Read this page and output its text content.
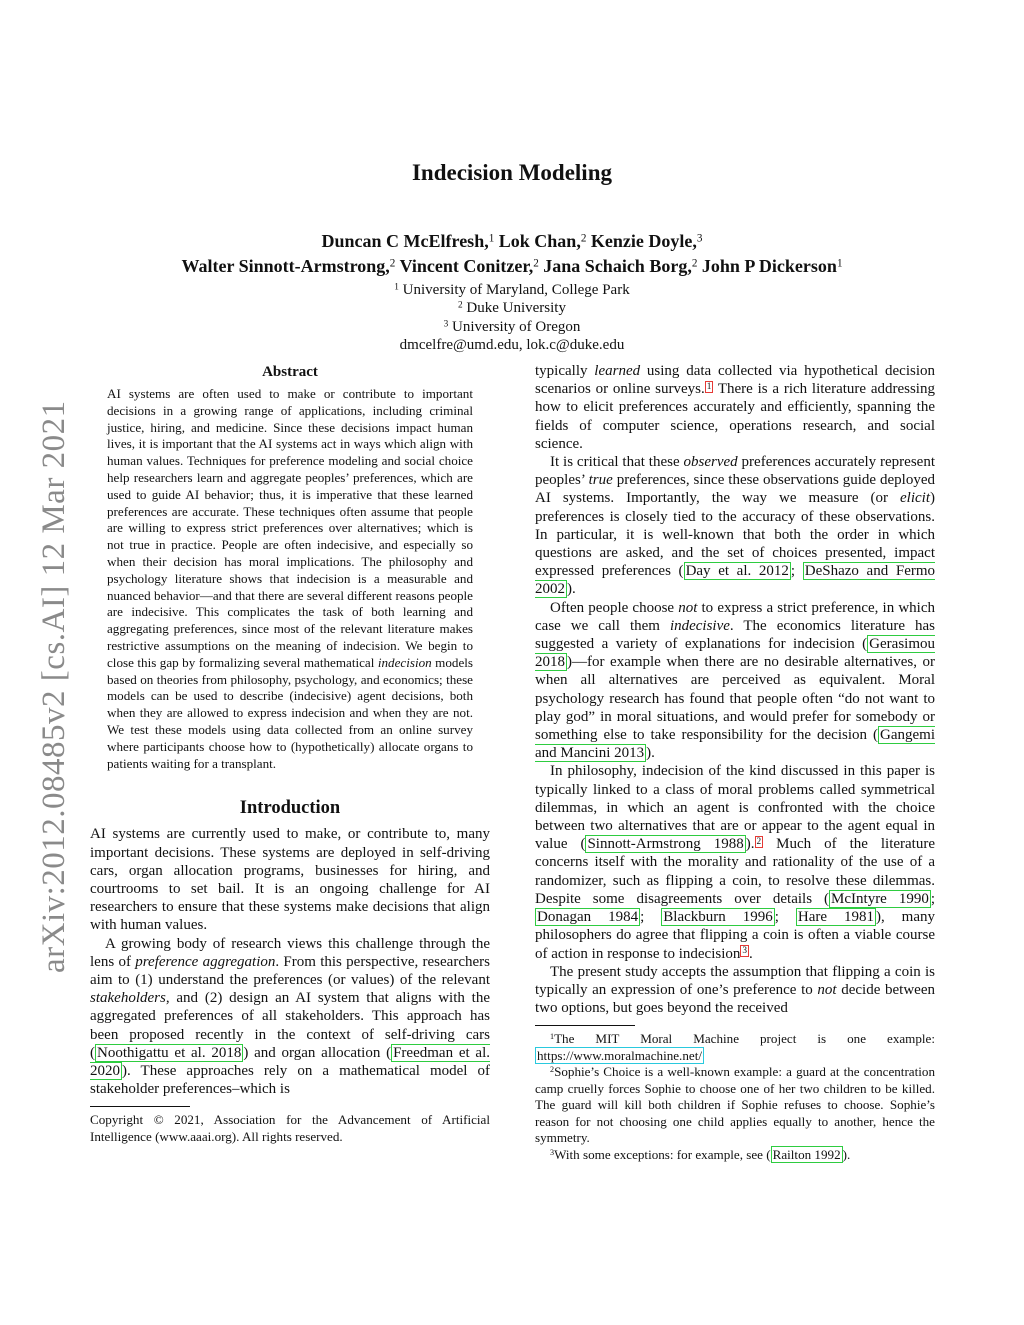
arXiv:2012.08485v2 [cs.AI] 12 Mar 2021
Indecision Modeling
Duncan C McElfresh,$^1$ Lok Chan,$^2$ Kenzie Doyle,$^3$
Walter Sinnott-Armstrong,$^2$ Vincent Conitzer,$^2$ Jana Schaich Borg,$^2$ John P Dickerson$^1$
$^1$ University of Maryland, College Park
$^2$ Duke University
$^3$ University of Oregon
dmcelfre@umd.edu, lok.c@duke.edu
Abstract

AI systems are often used to make or contribute to important decisions in a growing range of applications, including criminal justice, hiring, and medicine. Since these decisions impact human lives, it is important that the AI systems act in ways which align with human values. Techniques for preference modeling and social choice help researchers learn and aggregate peoples’ preferences, which are used to guide AI behavior; thus, it is imperative that these learned preferences are accurate. These techniques often assume that people are willing to express strict preferences over alternatives; which is not true in practice. People are often indecisive, and especially so when their decision has moral implications. The philosophy and psychology literature shows that indecision is a measurable and nuanced behavior—and that there are several different reasons people are indecisive. This complicates the task of both learning and aggregating preferences, since most of the relevant literature makes restrictive assumptions on the meaning of indecision. We begin to close this gap by formalizing several mathematical indecision models based on theories from philosophy, psychology, and economics; these models can be used to describe (indecisive) agent decisions, both when they are allowed to express indecision and when they are not. We test these models using data collected from an online survey where participants choose how to (hypothetically) allocate organs to patients waiting for a transplant.

Introduction

AI systems are currently used to make, or contribute to, many important decisions. These systems are deployed in self-driving cars, organ allocation programs, businesses for hiring, and courtrooms to set bail. It is an ongoing challenge for AI researchers to ensure that these systems make decisions that align with human values.

A growing body of research views this challenge through the lens of preference aggregation. From this perspective, researchers aim to (1) understand the preferences (or values) of the relevant stakeholders, and (2) design an AI system that aligns with the aggregated preferences of all stakeholders. This approach has been proposed recently in the context of self-driving cars ( Noothigattu et al. 2018 ) and organ allocation ( Freedman et al. 2020 ). These approaches rely on a mathematical model of stakeholder preferences–which is

Copyright © 2021, Association for the Advancement of Artificial Intelligence (www.aaai.org). All rights reserved.

typically learned using data collected via hypothetical decision scenarios or online surveys. $^1$ There is a rich literature addressing how to elicit preferences accurately and efficiently, spanning the fields of computer science, operations research, and social science.

It is critical that these observed preferences accurately represent peoples’ true preferences, since these observations guide deployed AI systems. Importantly, the way we measure (or elicit) preferences is closely tied to the accuracy of these observations. In particular, it is well-known that both the order in which questions are asked, and the set of choices presented, impact expressed preferences ( Day et al. 2012 ; DeShazo and Fermo 2002 ).

Often people choose not to express a strict preference, in which case we call them indecisive. The economics literature has suggested a variety of explanations for indecision ( Gerasimou 2018 )—for example when there are no desirable alternatives, or when all alternatives are perceived as equivalent. Moral psychology research has found that people often “do not want to play god” in moral situations, and would prefer for somebody or something else to take responsibility for the decision ( Gangemi and Mancini 2013 ).

In philosophy, indecision of the kind discussed in this paper is typically linked to a class of moral problems called symmetrical dilemmas, in which an agent is confronted with the choice between two alternatives that are or appear to the agent equal in value ( Sinnott-Armstrong 1988 ). $^2$ Much of the literature concerns itself with the morality and rationality of the use of a randomizer, such as flipping a coin, to resolve these dilemmas. Despite some disagreements over details ( McIntyre 1990 ; Donagan 1984 ; Blackburn 1996 ; Hare 1981 ), many philosophers do agree that flipping a coin is often a viable course of action in response to indecision $^3$ .

The present study accepts the assumption that flipping a coin is typically an expression of one’s preference to not decide between two options, but goes beyond the received

$^1$The MIT Moral Machine project is one example: https://www.moralmachine.net/

$^2$Sophie’s Choice is a well-known example: a guard at the concentration camp cruelly forces Sophie to choose one of her two children to be killed. The guard will kill both children if Sophie refuses to choose. Sophie’s reason for not choosing one child applies equally to another, hence the symmetry.

$^3$With some exceptions: for example, see ( Railton 1992 ).
